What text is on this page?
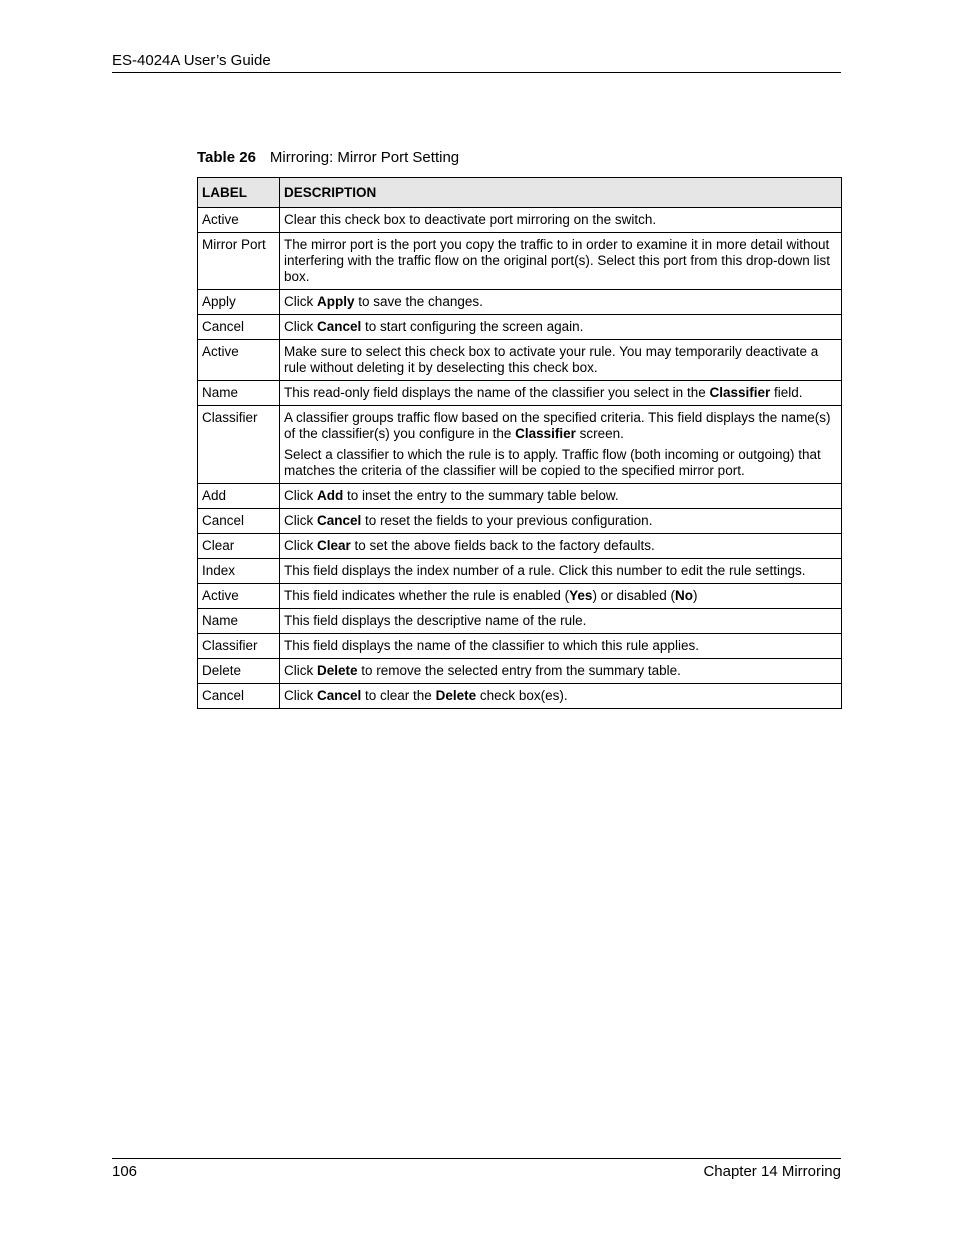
ES-4024A User’s Guide
Table 26 Mirroring: Mirror Port Setting
LABEL	DESCRIPTION
Active	Clear this check box to deactivate port mirroring on the switch.

Mirror Port	The mirror port is the port you copy the traffic to in order to examine it in more detail without interfering with the traffic flow on the original port(s). Select this port from this drop-down list box.

Apply	Click Apply to save the changes.

Cancel	Click Cancel to start configuring the screen again.

Active	Make sure to select this check box to activate your rule. You may temporarily deactivate a rule without deleting it by deselecting this check box.

Name	This read-only field displays the name of the classifier you select in the Classifier field.

Classifier	A classifier groups traffic flow based on the specified criteria. This field displays the name(s) of the classifier(s) you configure in the Classifier screen.

Select a classifier to which the rule is to apply. Traffic flow (both incoming or outgoing) that matches the criteria of the classifier will be copied to the specified mirror port.

Add	Click Add to inset the entry to the summary table below.

Cancel	Click Cancel to reset the fields to your previous configuration.

Clear	Click Clear to set the above fields back to the factory defaults.

Index	This field displays the index number of a rule. Click this number to edit the rule settings.

Active	This field indicates whether the rule is enabled (Yes) or disabled (No)

Name	This field displays the descriptive name of the rule.

Classifier	This field displays the name of the classifier to which this rule applies.

Delete	Click Delete to remove the selected entry from the summary table.

Cancel	Click Cancel to clear the Delete check box(es).

106	Chapter 14 Mirroring
